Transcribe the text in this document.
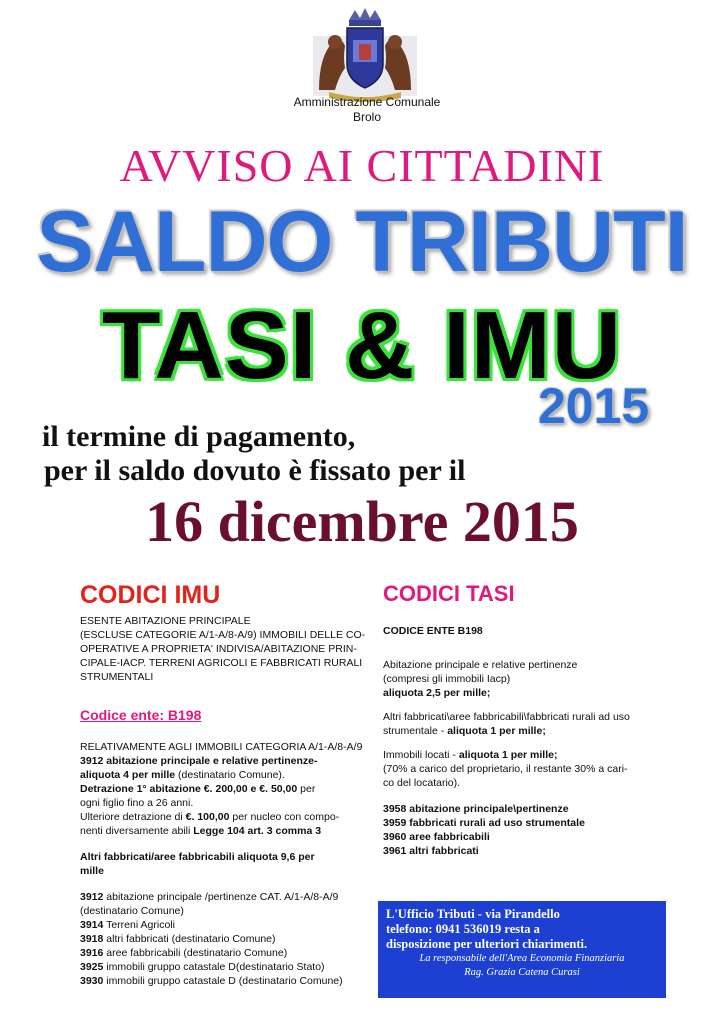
Amministrazione Comunale
Brolo
AVVISO AI CITTADINI
SALDO TRIBUTI
TASI & IMU
2015
il termine di pagamento,
per il saldo dovuto è fissato per il
16 dicembre 2015
CODICI IMU

ESENTE ABITAZIONE PRINCIPALE

(ESCLUSE CATEGORIE A/1-A/8-A/9) IMMOBILI DELLE CO-

OPERATIVE A PROPRIETA' INDIVISA/ABITAZIONE PRIN-

CIPALE-IACP. TERRENI AGRICOLI E FABBRICATI RURALI

STRUMENTALI

Codice ente: B198

RELATIVAMENTE AGLI IMMOBILI CATEGORIA A/1-A/8-A/9

3912 abitazione principale e relative pertinenze-

aliquota 4 per mille (destinatario Comune).

Detrazione 1° abitazione €. 200,00 e €. 50,00 per

ogni figlio fino a 26 anni.

Ulteriore detrazione di €. 100,00 per nucleo con compo-

nenti diversamente abili Legge 104 art. 3 comma 3

Altri fabbricati/aree fabbricabili aliquota 9,6 per

mille

3912 abitazione principale /pertinenze CAT. A/1-A/8-A/9
(destinatario Comune)
3914 Terreni Agricoli
3918 altri fabbricati (destinatario Comune)
3916 aree fabbricabili (destinatario Comune)
3925 immobili gruppo catastale D(destinatario Stato)
3930 immobili gruppo catastale D (destinatario Comune)
CODICI TASI

CODICE ENTE B198

Abitazione principale e relative pertinenze

(compresi gli immobili Iacp)

aliquota 2,5 per mille;

Altri fabbricati\aree fabbricabili\fabbricati rurali ad uso

strumentale - aliquota 1 per mille;

Immobili locati - aliquota 1 per mille;

(70% a carico del proprietario, il restante 30% a cari-

co del locatario).

3958 abitazione principale\pertinenze
3959 fabbricati rurali ad uso strumentale
3960 aree fabbricabili
3961 altri fabbricati

L'Ufficio Tributi - via Pirandello

telefono: 0941 536019 resta a

disposizione per ulteriori chiarimenti.

La responsabile dell'Area Economia Finanziaria

Rag. Grazia Catena Curasi
